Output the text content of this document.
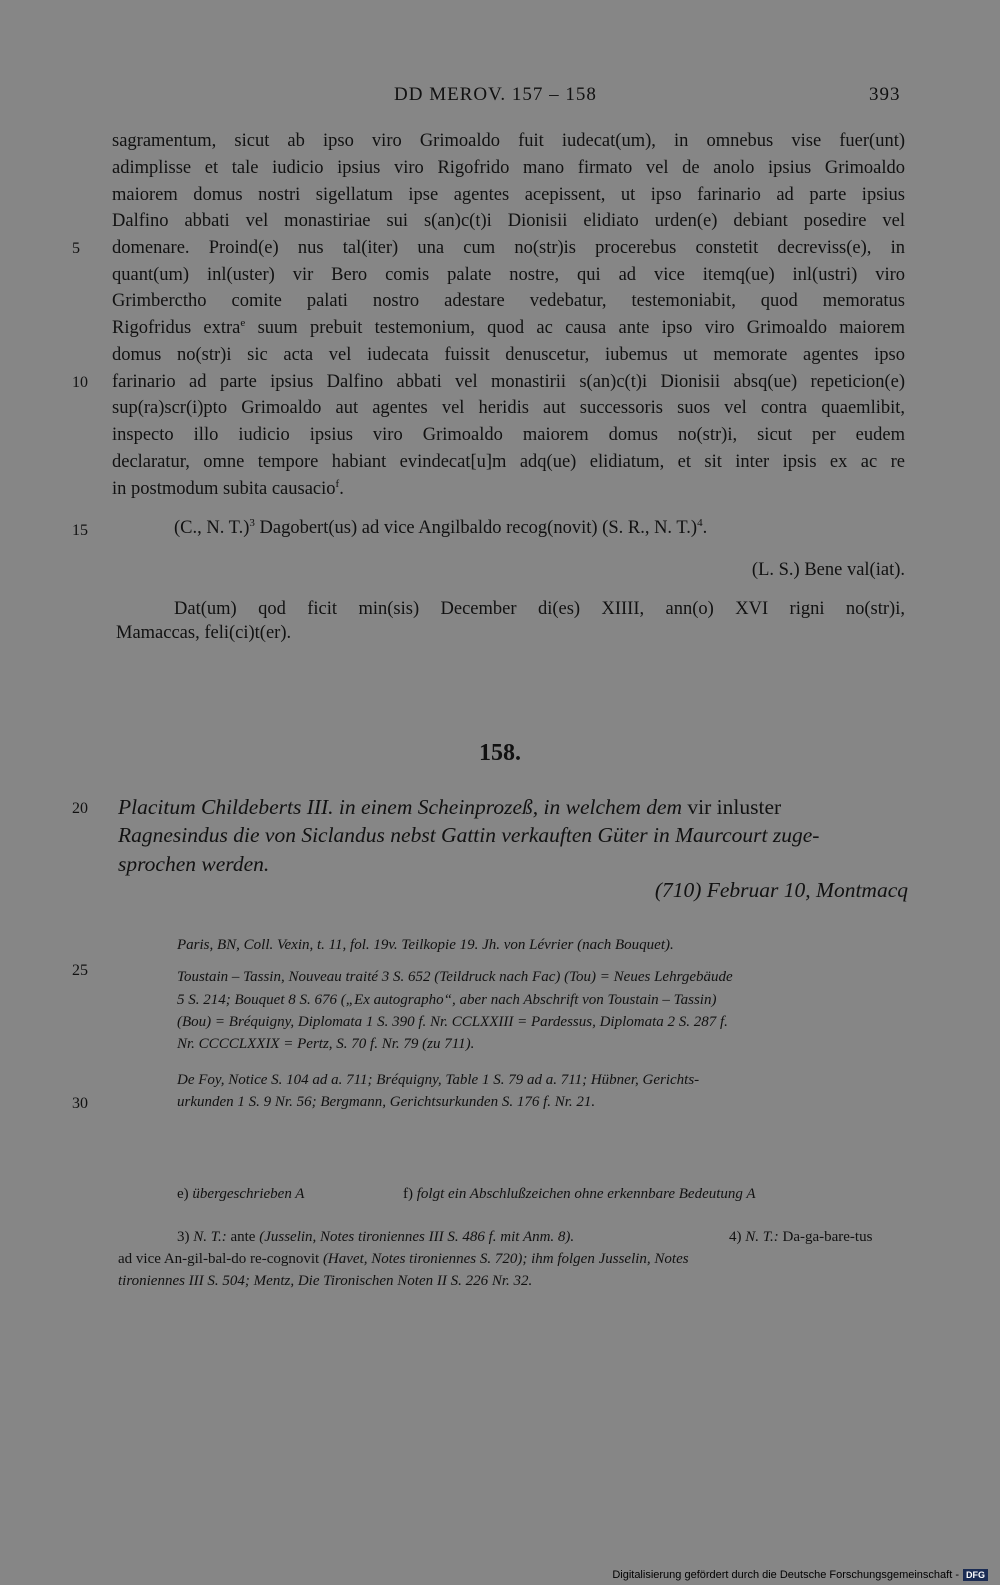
DD MEROV. 157 – 158	393
sagramentum, sicut ab ipso viro Grimoaldo fuit iudecat(um), in omnebus vise fuer(unt)
adimplisse et tale iudicio ipsius viro Rigofrido mano firmato vel de anolo ipsius Grimoaldo
maiorem domus nostri sigellatum ipse agentes acepissent, ut ipso farinario ad parte ipsius
Dalfino abbati vel monastiriae sui s(an)c(t)i Dionisii elidiato urden(e) debiant posedire vel
domenare. Proind(e) nus tal(iter) una cum no(str)is procerebus constetit decreviss(e), in
quant(um) inl(uster) vir Bero comis palate nostre, qui ad vice itemq(ue) inl(ustri) viro
Grimberctho comite palati nostro adestare vedebatur, testemoniabit, quod memoratus
Rigofridus extra$^e$ suum prebuit testemonium, quod ac causa ante ipso viro Grimoaldo maiorem
domus no(str)i sic acta vel iudecata fuissit denuscetur, iubemus ut memorate agentes ipso
farinario ad parte ipsius Dalfino abbati vel monastirii s(an)c(t)i Dionisii absq(ue) repeticion(e)
sup(ra)scr(i)pto Grimoaldo aut agentes vel heridis aut successoris suos vel contra quaemlibit,
inspecto illo iudicio ipsius viro Grimoaldo maiorem domus no(str)i, sicut per eudem
declaratur, omne tempore habiant evindecat[u]m adq(ue) elidiatum, et sit inter ipsis ex ac re
in postmodum subita causacio$^f$.
5
10
15
20
25
30
(C., N. T.)$^3$ Dagobert(us) ad vice Angilbaldo recog(novit) (S. R., N. T.)$^4$.
(L. S.) Bene val(iat).
Dat(um) qod ficit min(sis) December di(es) XIIII, ann(o) XVI rigni no(str)i,
Mamaccas, feli(ci)t(er).
158.
Placitum Childeberts III. in einem Scheinprozeß, in welchem dem vir inluster
Ragnesindus die von Siclandus nebst Gattin verkauften Güter in Maurcourt zuge-
sprochen werden.
(710) Februar 10, Montmacq
Paris, BN, Coll. Vexin, t. 11, fol. 19v. Teilkopie 19. Jh. von Lévrier (nach Bouquet).
Toustain – Tassin, Nouveau traité 3 S. 652 (Teildruck nach Fac) (Tou) = Neues Lehrgebäude
5 S. 214; Bouquet 8 S. 676 („Ex autographo“, aber nach Abschrift von Toustain – Tassin)
(Bou) = Bréquigny, Diplomata 1 S. 390 f. Nr. CCLXXIII = Pardessus, Diplomata 2 S. 287 f.
Nr. CCCCLXXIX = Pertz, S. 70 f. Nr. 79 (zu 711).
De Foy, Notice S. 104 ad a. 711; Bréquigny, Table 1 S. 79 ad a. 711; Hübner, Gerichts-
urkunden 1 S. 9 Nr. 56; Bergmann, Gerichtsurkunden S. 176 f. Nr. 21.
e) übergeschrieben A	f) folgt ein Abschlußzeichen ohne erkennbare Bedeutung A
3) N. T.: ante (Jusselin, Notes tironiennes III S. 486 f. mit Anm. 8).	4) N. T.: Da-ga-bare-tus
ad vice An-gil-bal-do re-cognovit (Havet, Notes tironiennes S. 720); ihm folgen Jusselin, Notes
tironiennes III S. 504; Mentz, Die Tironischen Noten II S. 226 Nr. 32.
Digitalisierung gefördert durch die Deutsche Forschungsgemeinschaft - DFG
